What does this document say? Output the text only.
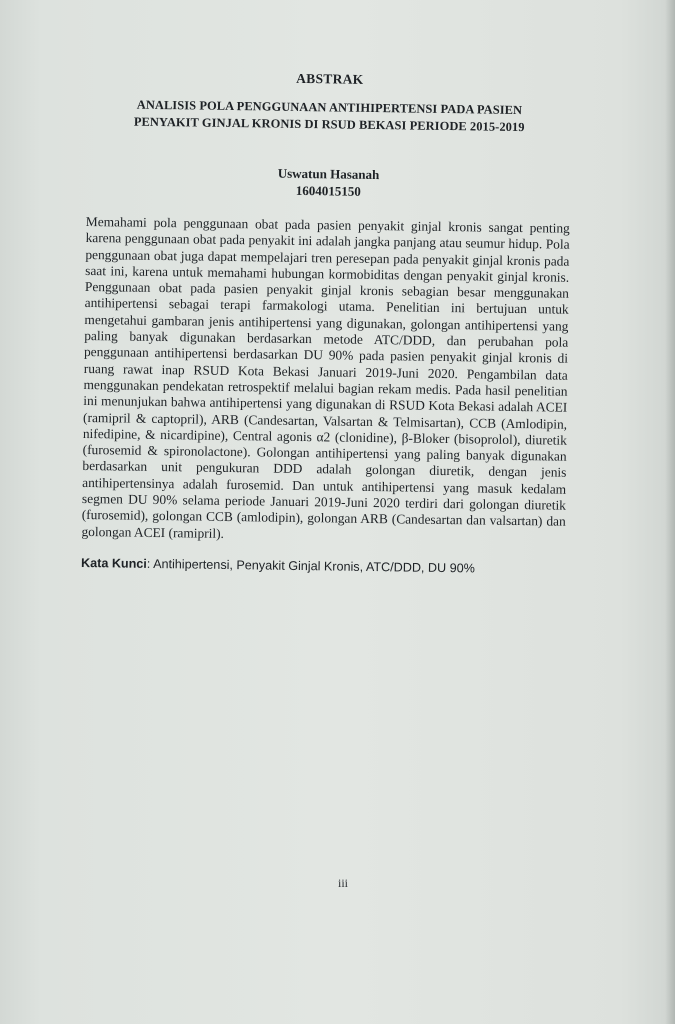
ABSTRAK

ANALISIS POLA PENGGUNAAN ANTIHIPERTENSI PADA PASIEN
PENYAKIT GINJAL KRONIS DI RSUD BEKASI PERIODE 2015-2019

Uswatun Hasanah
1604015150

Memahami pola penggunaan obat pada pasien penyakit ginjal kronis sangat penting karena penggunaan obat pada penyakit ini adalah jangka panjang atau seumur hidup. Pola penggunaan obat juga dapat mempelajari tren peresepan pada penyakit ginjal kronis pada saat ini, karena untuk memahami hubungan kormobiditas dengan penyakit ginjal kronis. Penggunaan obat pada pasien penyakit ginjal kronis sebagian besar menggunakan antihipertensi sebagai terapi farmakologi utama. Penelitian ini bertujuan untuk mengetahui gambaran jenis antihipertensi yang digunakan, golongan antihipertensi yang paling banyak digunakan berdasarkan metode ATC/DDD, dan perubahan pola penggunaan antihipertensi berdasarkan DU 90% pada pasien penyakit ginjal kronis di ruang rawat inap RSUD Kota Bekasi Januari 2019-Juni 2020. Pengambilan data menggunakan pendekatan retrospektif melalui bagian rekam medis. Pada hasil penelitian ini menunjukan bahwa antihipertensi yang digunakan di RSUD Kota Bekasi adalah ACEI (ramipril & captopril), ARB (Candesartan, Valsartan & Telmisartan), CCB (Amlodipin, nifedipine, & nicardipine), Central agonis α2 (clonidine), β-Bloker (bisoprolol), diuretik (furosemid & spironolactone). Golongan antihipertensi yang paling banyak digunakan berdasarkan unit pengukuran DDD adalah golongan diuretik, dengan jenis antihipertensinya adalah furosemid. Dan untuk antihipertensi yang masuk kedalam segmen DU 90% selama periode Januari 2019-Juni 2020 terdiri dari golongan diuretik (furosemid), golongan CCB (amlodipin), golongan ARB (Candesartan dan valsartan) dan golongan ACEI (ramipril).

Kata Kunci: Antihipertensi, Penyakit Ginjal Kronis, ATC/DDD, DU 90%

iii
